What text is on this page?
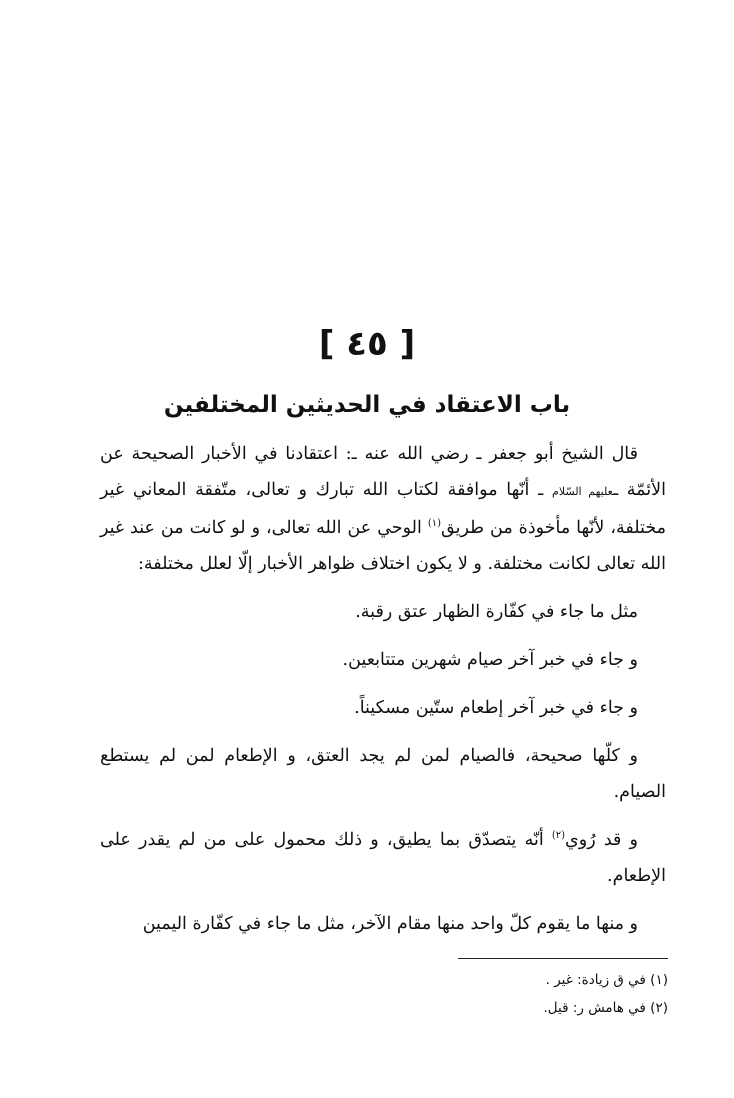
[ ٤٥ ]
باب الاعتقاد في الحديثين المختلفين

قال الشيخ أبو جعفر ـ رضي الله عنه ـ: اعتقادنا في الأخبار الصحيحة عن الأئمّة ـعليهم السّلام ـ أنّها موافقة لكتاب الله تبارك و تعالى، متّفقة المعاني غير مختلفة، لأنّها مأخوذة من طريق$^{(١)}$ الوحي عن الله تعالى، و لو كانت من عند غير الله تعالى لكانت مختلفة. و لا يكون اختلاف ظواهر الأخبار إلّا لعلل مختلفة:

مثل ما جاء في كفّارة الظهار عتق رقبة.

و جاء في خبر آخر صيام شهرين متتابعين.

و جاء في خبر آخر إطعام ستّين مسكيناً.

و كلّها صحيحة، فالصيام لمن لم يجد العتق، و الإطعام لمن لم يستطع الصيام.

و قد رُوي$^{(٢)}$ أنّه يتصدّق بما يطيق، و ذلك محمول على من لم يقدر على الإطعام.

و منها ما يقوم كلّ واحد منها مقام الآخر، مثل ما جاء في كفّارة اليمين

(١) في ق زيادة: غير .

(٢) في هامش ر: قيل.
